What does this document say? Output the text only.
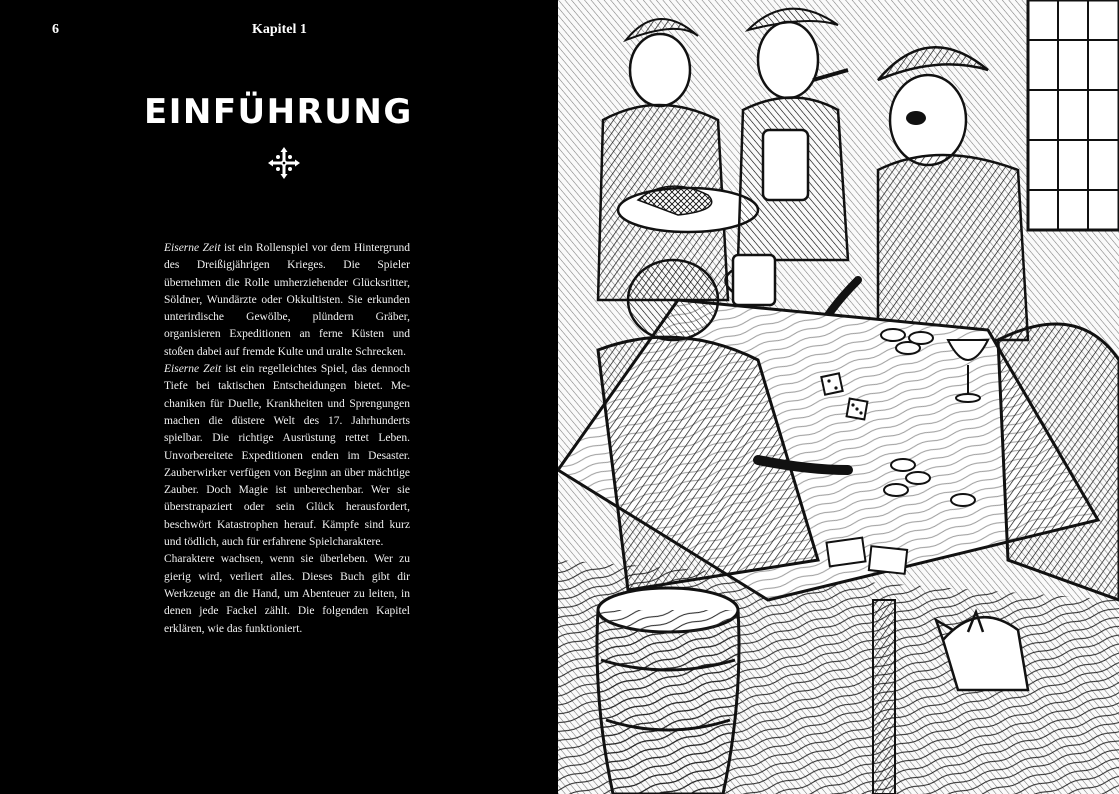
6	Kapitel 1
EINFÜHRUNG

Eiserne Zeit ist ein Rollenspiel vor dem Hintergrund des Dreißigjährigen Krieges. Die Spieler übernehmen die Rolle umherziehender Glücksritter, Söldner, Wundärzte oder Okkultisten. Sie erkunden unterirdische Gewölbe, plündern Gräber, organisieren Expeditionen an ferne Küsten und stoßen dabei auf fremde Kulte und uralte Schrecken.

Eiserne Zeit ist ein regelleichtes Spiel, das dennoch Tiefe bei taktischen Entscheidungen bietet. Mechaniken für Duelle, Krankheiten und Sprengungen machen die düstere Welt des 17. Jahrhunderts spielbar. Die richtige Ausrüstung rettet Leben. Unvorbereitete Expeditionen enden im Desaster. Zauberwirker verfügen von Beginn an über mächtige Zauber. Doch Magie ist unberechenbar. Wer sie überstrapaziert oder sein Glück herausfordert, beschwört Katastrophen herauf. Kämpfe sind kurz und tödlich, auch für erfahrene Spielcharaktere.

Charaktere wachsen, wenn sie überleben. Wer zu gierig wird, verliert alles. Dieses Buch gibt dir Werkzeuge an die Hand, um Abenteuer zu leiten, in denen jede Fackel zählt. Die folgenden Kapitel erklären, wie das funktioniert.
